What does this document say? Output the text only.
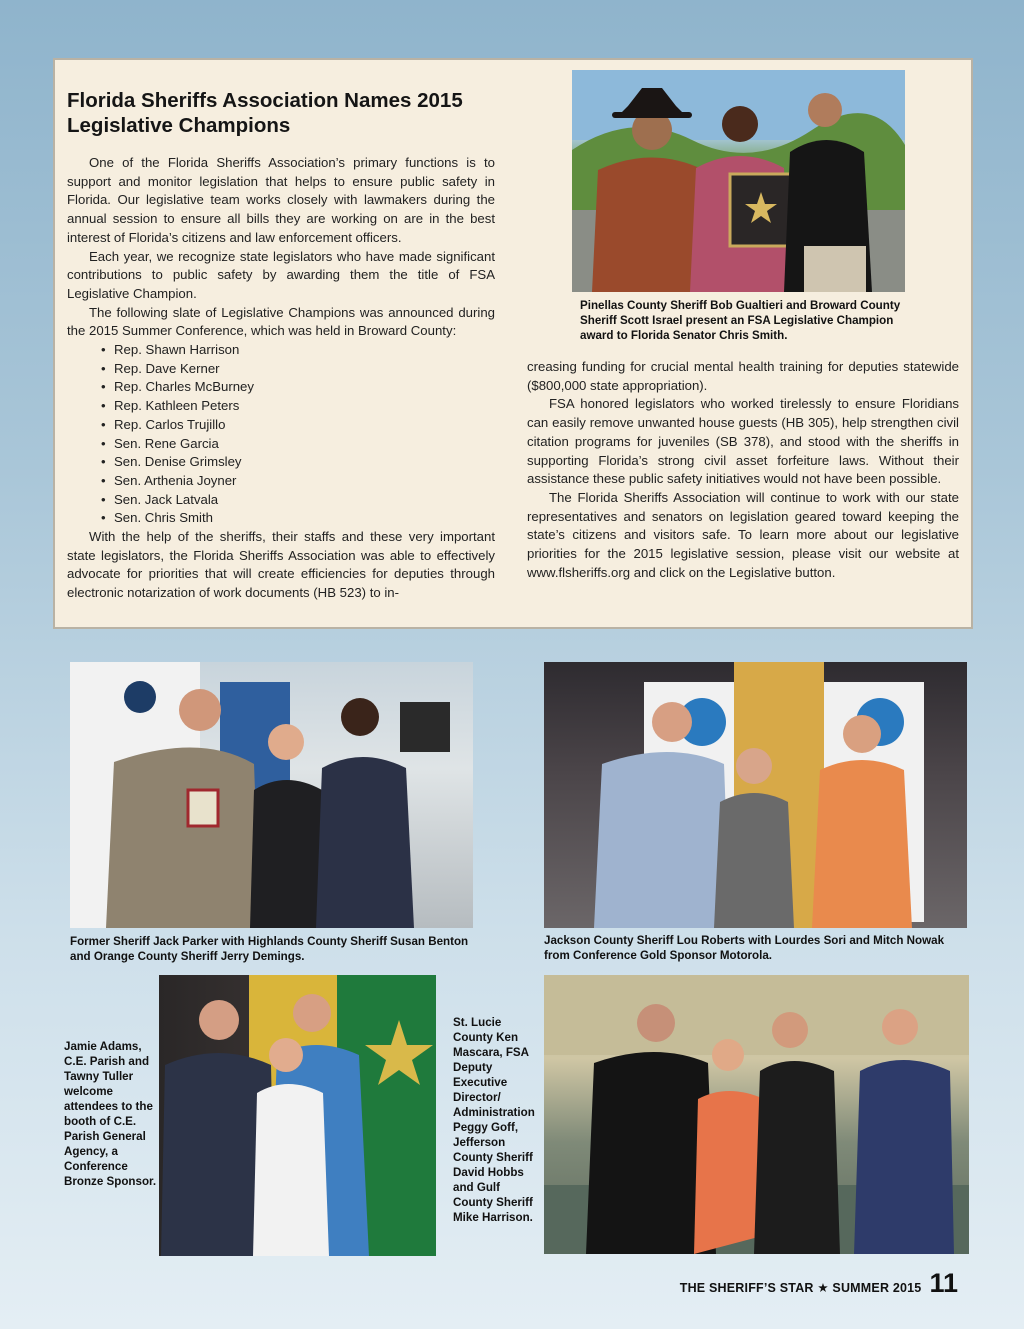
Florida Sheriffs Association Names 2015 Legislative Champions

One of the Florida Sheriffs Association’s primary functions is to support and monitor legislation that helps to ensure public safety in Florida. Our legislative team works closely with lawmakers during the annual session to ensure all bills they are working on are in the best interest of Florida’s citizens and law enforcement officers.

Each year, we recognize state legislators who have made significant contributions to public safety by awarding them the title of FSA Legislative Champion.

The following slate of Legislative Champions was announced during the 2015 Summer Conference, which was held in Broward County:

• Rep. Shawn Harrison
• Rep. Dave Kerner
• Rep. Charles McBurney
• Rep. Kathleen Peters
• Rep. Carlos Trujillo
• Sen. Rene Garcia
• Sen. Denise Grimsley
• Sen. Arthenia Joyner
• Sen. Jack Latvala
• Sen. Chris Smith

With the help of the sheriffs, their staffs and these very important state legislators, the Florida Sheriffs Association was able to effectively advocate for priorities that will create efficiencies for deputies through electronic notarization of work documents (HB 523) to in-

Pinellas County Sheriff Bob Gualtieri and Broward County Sheriff Scott Israel present an FSA Legislative Champion award to Florida Senator Chris Smith.

creasing funding for crucial mental health training for deputies statewide ($800,000 state appropriation).

FSA honored legislators who worked tirelessly to ensure Floridians can easily remove unwanted house guests (HB 305), help strengthen civil citation programs for juveniles (SB 378), and stood with the sheriffs in supporting Florida’s strong civil asset forfeiture laws. Without their assistance these public safety initiatives would not have been possible.

The Florida Sheriffs Association will continue to work with our state representatives and senators on legislation geared toward keeping the state’s citizens and visitors safe. To learn more about our legislative priorities for the 2015 legislative session, please visit our website at www.flsheriffs.org and click on the Legislative button.

Former Sheriff Jack Parker with Highlands County Sheriff Susan Benton and Orange County Sheriff Jerry Demings.
Jackson County Sheriff Lou Roberts with Lourdes Sori and Mitch Nowak from Conference Gold Sponsor Motorola.
Jamie Adams, C.E. Parish and Tawny Tuller welcome attendees to the booth of C.E. Parish General Agency, a Conference Bronze Sponsor.
St. Lucie County Ken Mascara, FSA Deputy Executive Director/ Administration Peggy Goff, Jefferson County Sheriff David Hobbs and Gulf County Sheriff Mike Harrison.
THE SHERIFF’S STAR ★ SUMMER 2015 11
